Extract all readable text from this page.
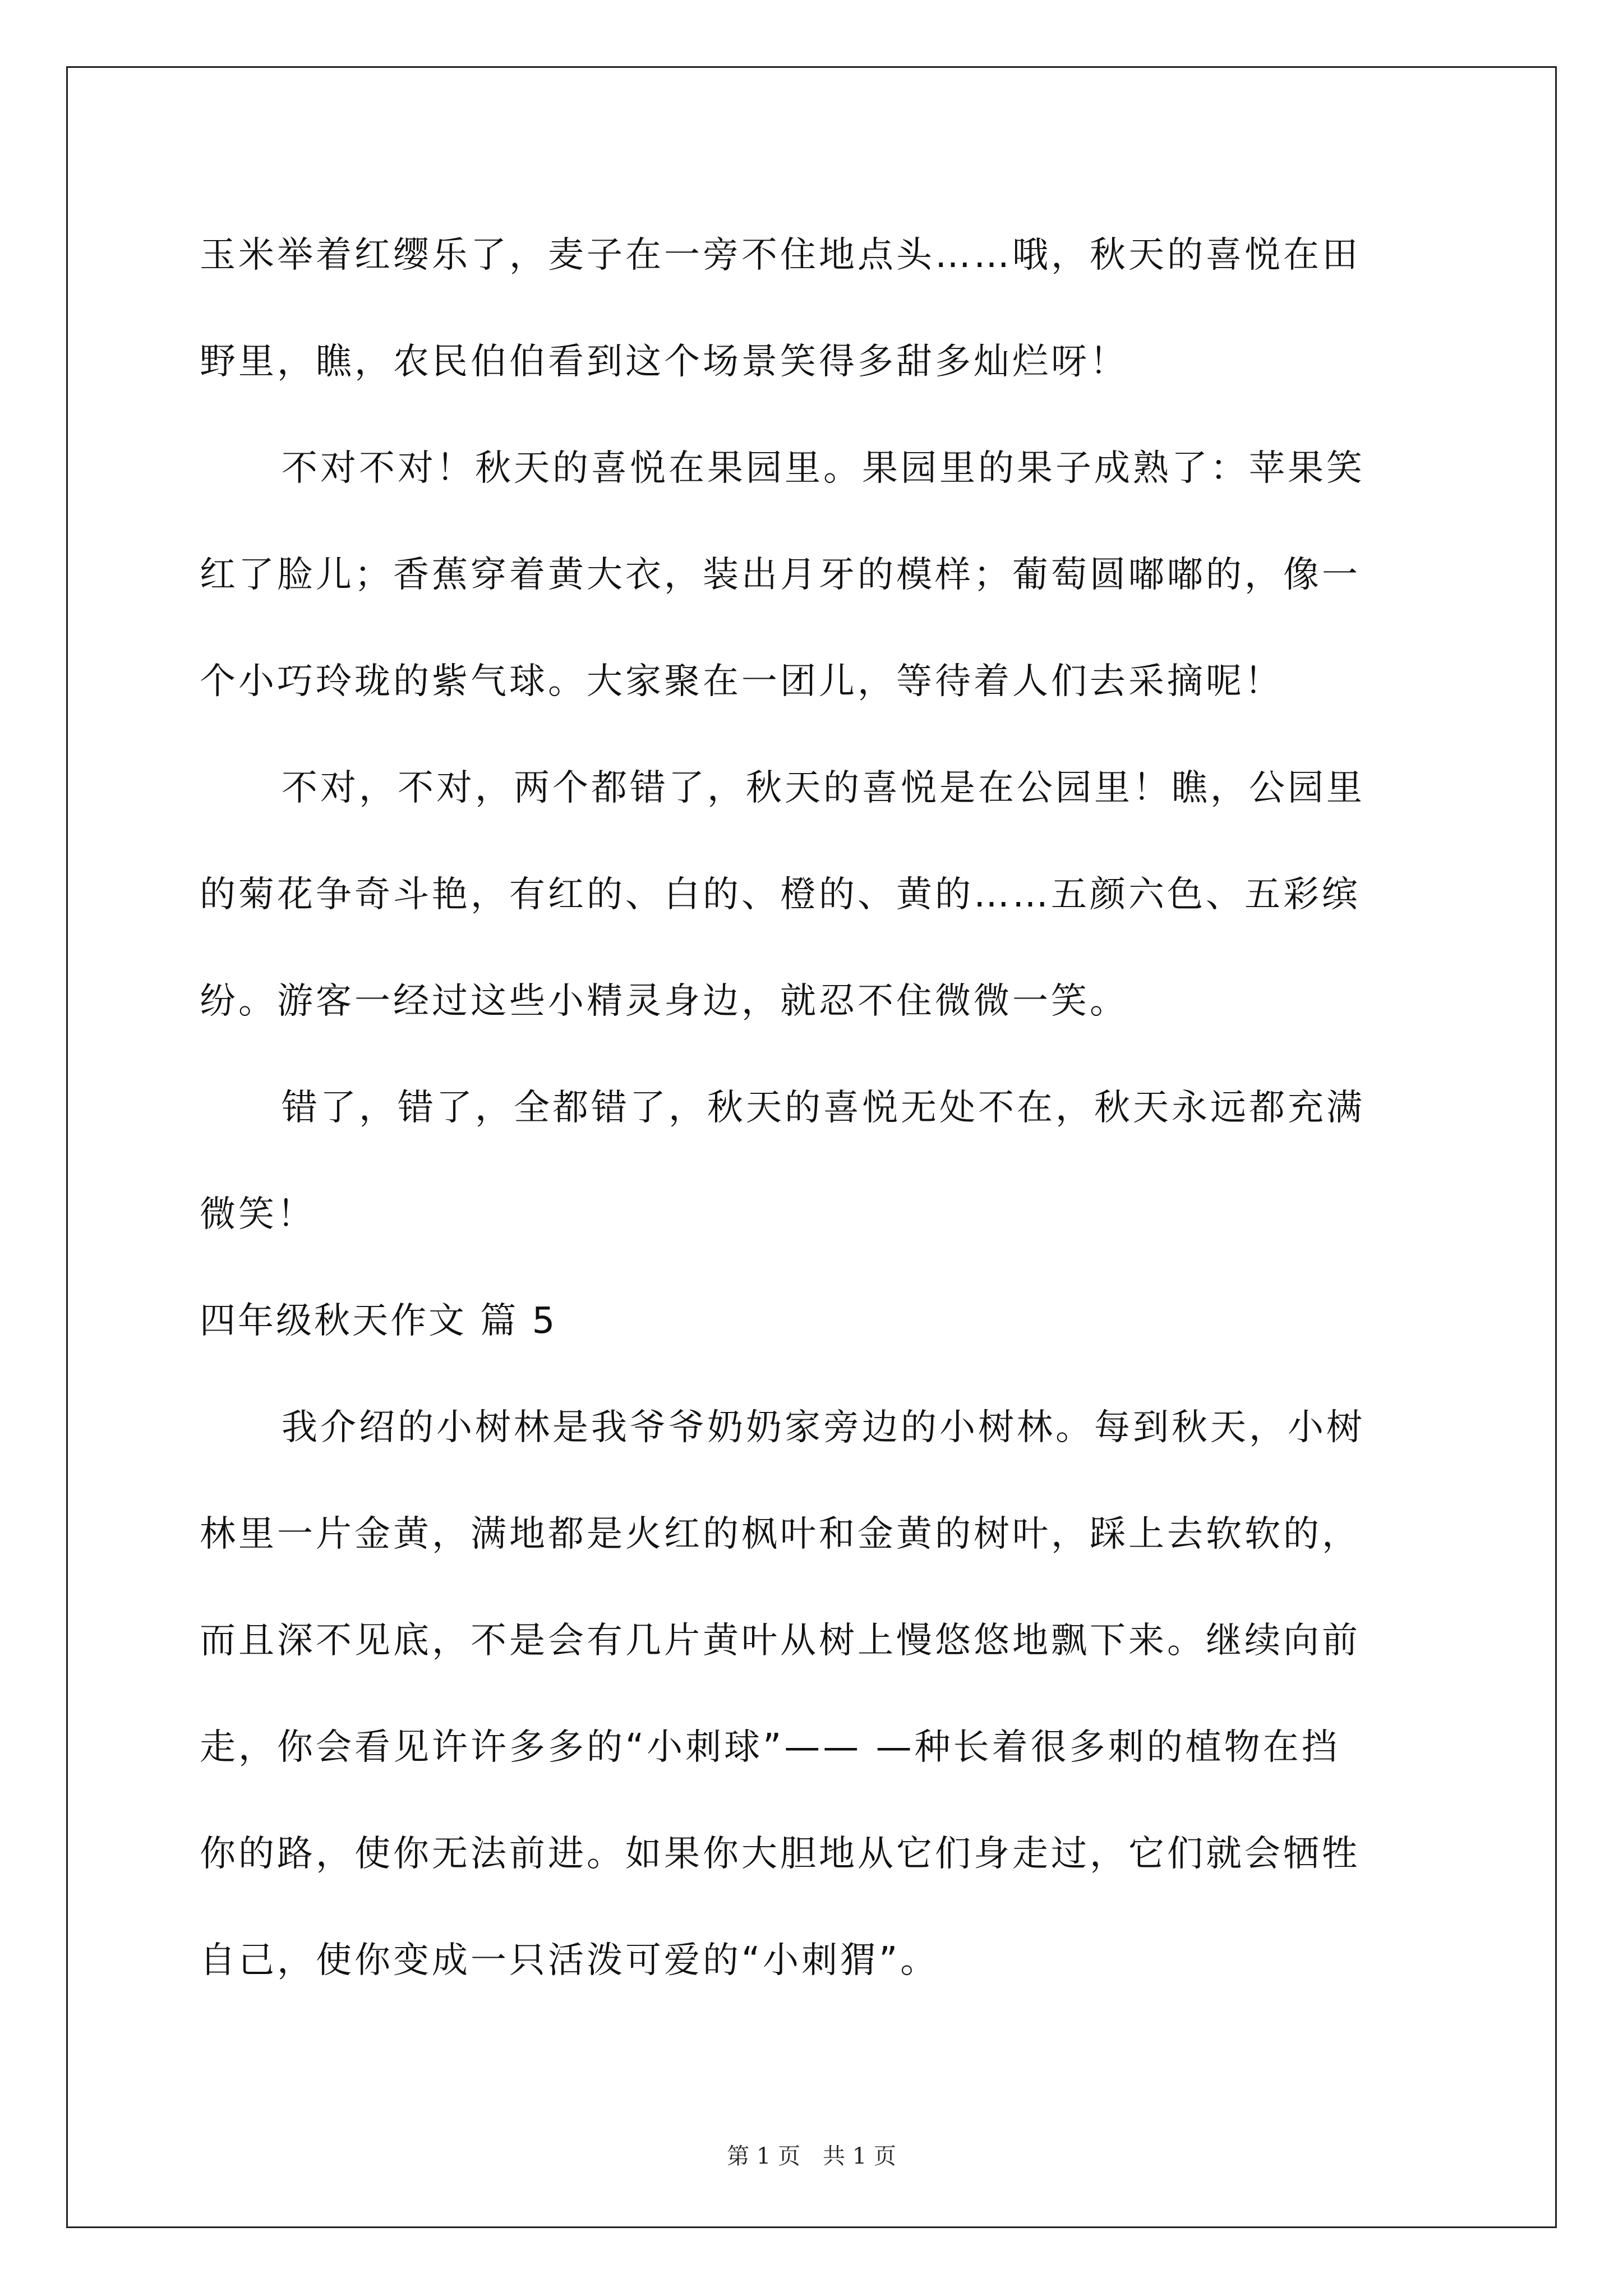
玉米举着红缨乐了，麦子在一旁不住地点头……哦，秋天的喜悦在田
野里，瞧，农民伯伯看到这个场景笑得多甜多灿烂呀！
不对不对！秋天的喜悦在果园里。果园里的果子成熟了：苹果笑
红了脸儿；香蕉穿着黄大衣，装出月牙的模样；葡萄圆嘟嘟的，像一
个小巧玲珑的紫气球。大家聚在一团儿，等待着人们去采摘呢！
不对，不对，两个都错了，秋天的喜悦是在公园里！瞧，公园里
的菊花争奇斗艳，有红的、白的、橙的、黄的……五颜六色、五彩缤
纷。游客一经过这些小精灵身边，就忍不住微微一笑。
错了，错了，全都错了，秋天的喜悦无处不在，秋天永远都充满
微笑！
四年级秋天作文 篇 5
我介绍的小树林是我爷爷奶奶家旁边的小树林。每到秋天，小树
林里一片金黄，满地都是火红的枫叶和金黄的树叶，踩上去软软的，
而且深不见底，不是会有几片黄叶从树上慢悠悠地飘下来。继续向前
走，你会看见许许多多的“小刺球”—— —种长着很多刺的植物在挡
你的路，使你无法前进。如果你大胆地从它们身走过，它们就会牺牲
自己，使你变成一只活泼可爱的“小刺猬”。
第 1 页 共 1 页
